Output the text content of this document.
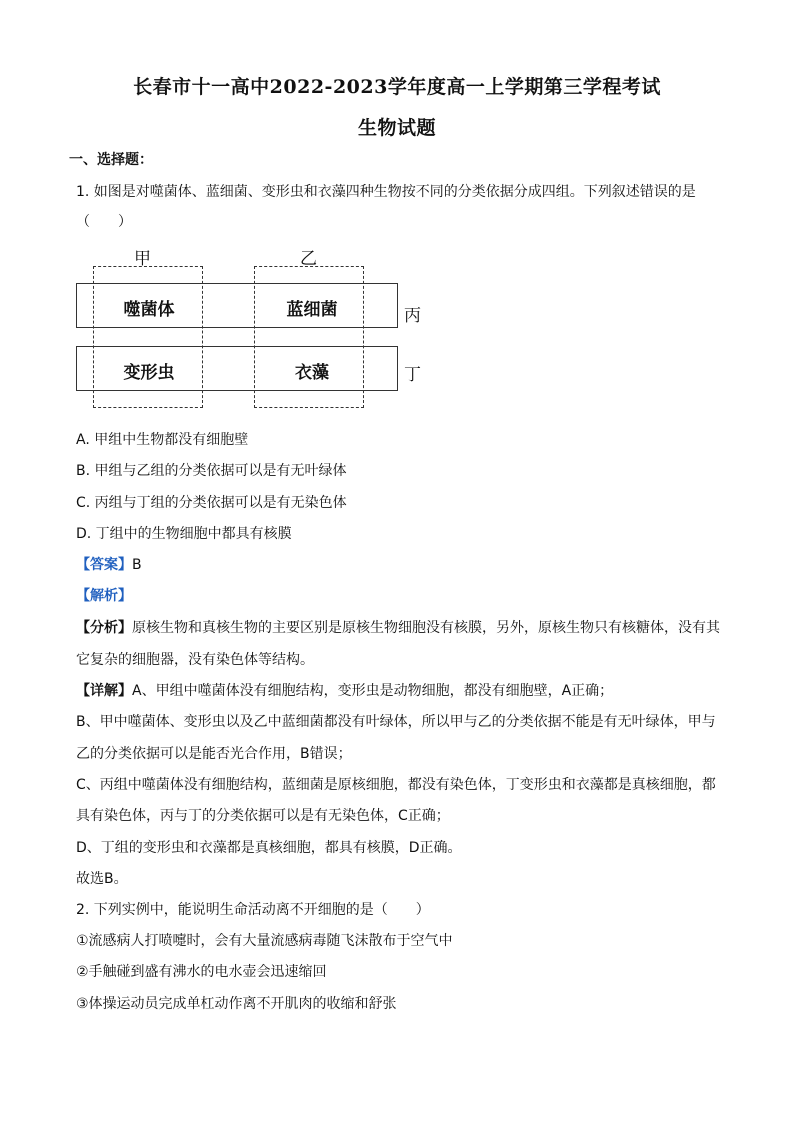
长春市十一高中2022-2023学年度高一上学期第三学程考试
生物试题
一、选择题：
1. 如图是对噬菌体、蓝细菌、变形虫和衣藻四种生物按不同的分类依据分成四组。下列叙述错误的是
（　　）
甲	乙
噬菌体	蓝细菌
变形虫	衣藻
丙
丁
A. 甲组中生物都没有细胞壁
B. 甲组与乙组的分类依据可以是有无叶绿体
C. 丙组与丁组的分类依据可以是有无染色体
D. 丁组中的生物细胞中都具有核膜
【答案】B
【解析】
【分析】原核生物和真核生物的主要区别是原核生物细胞没有核膜，另外，原核生物只有核糖体，没有其
它复杂的细胞器，没有染色体等结构。
【详解】A、甲组中噬菌体没有细胞结构，变形虫是动物细胞，都没有细胞壁，A正确；
B、甲中噬菌体、变形虫以及乙中蓝细菌都没有叶绿体，所以甲与乙的分类依据不能是有无叶绿体，甲与
乙的分类依据可以是能否光合作用，B错误；
C、丙组中噬菌体没有细胞结构，蓝细菌是原核细胞，都没有染色体，丁变形虫和衣藻都是真核细胞，都
具有染色体，丙与丁的分类依据可以是有无染色体，C正确；
D、丁组的变形虫和衣藻都是真核细胞，都具有核膜，D正确。
故选B。
2. 下列实例中，能说明生命活动离不开细胞的是（　　）
①流感病人打喷嚏时，会有大量流感病毒随飞沫散布于空气中
②手触碰到盛有沸水的电水壶会迅速缩回
③体操运动员完成单杠动作离不开肌肉的收缩和舒张
